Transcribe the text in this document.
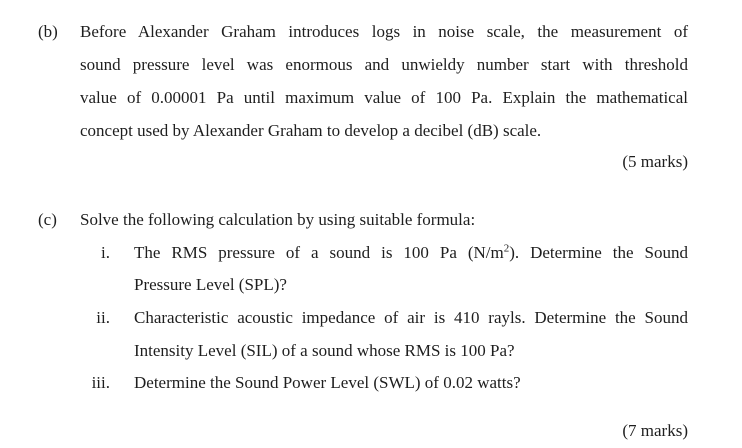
(b) Before Alexander Graham introduces logs in noise scale, the measurement of
sound pressure level was enormous and unwieldy number start with threshold
value of 0.00001 Pa until maximum value of 100 Pa. Explain the mathematical
concept used by Alexander Graham to develop a decibel (dB) scale.
(5 marks)
(c) Solve the following calculation by using suitable formula:
i. The RMS pressure of a sound is 100 Pa $(N/m^2)$. Determine the Sound
Pressure Level (SPL)?
ii. Characteristic acoustic impedance of air is 410 rayls. Determine the Sound
Intensity Level (SIL) of a sound whose RMS is 100 Pa?
iii. Determine the Sound Power Level (SWL) of 0.02 watts?
(7 marks)
